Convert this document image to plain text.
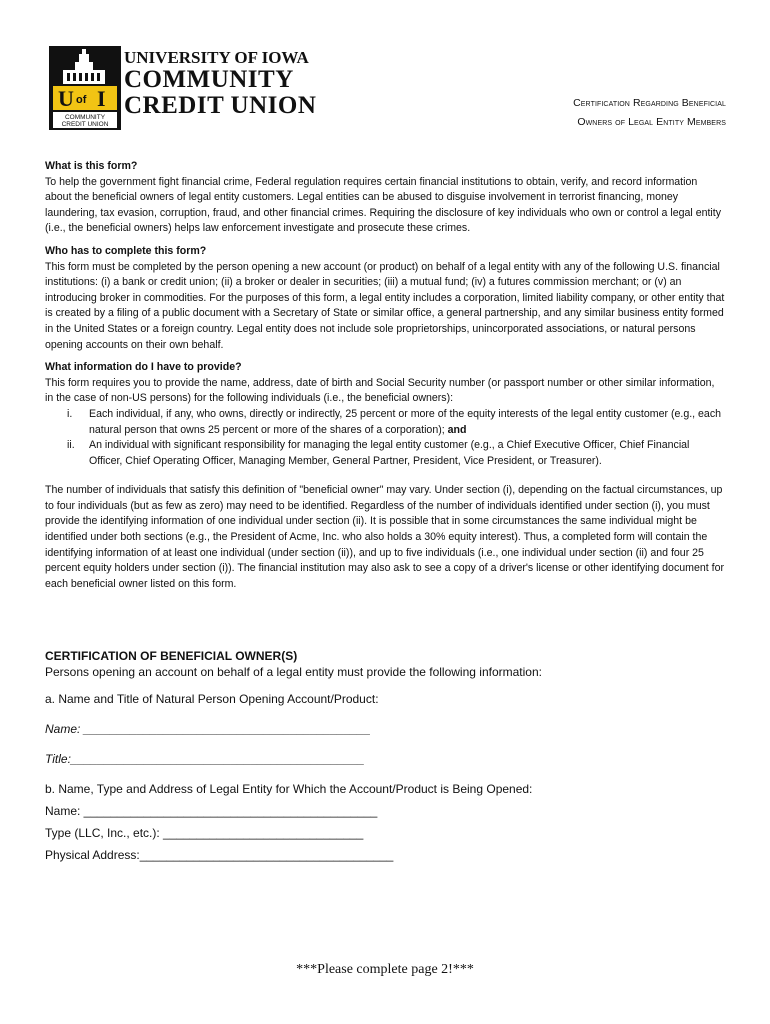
U of I
COMMUNITY
CREDIT UNION
UNIVERSITY OF IOWA
COMMUNITY
CREDIT UNION	Certification Regarding Beneficial
Owners of Legal Entity Members

What is this form?

To help the government fight financial crime, Federal regulation requires certain financial institutions to obtain, verify, and record information about the beneficial owners of legal entity customers. Legal entities can be abused to disguise involvement in terrorist financing, money laundering, tax evasion, corruption, fraud, and other financial crimes. Requiring the disclosure of key individuals who own or control a legal entity (i.e., the beneficial owners) helps law enforcement investigate and prosecute these crimes.

Who has to complete this form?

This form must be completed by the person opening a new account (or product) on behalf of a legal entity with any of the following U.S. financial institutions: (i) a bank or credit union; (ii) a broker or dealer in securities; (iii) a mutual fund; (iv) a futures commission merchant; or (v) an introducing broker in commodities. For the purposes of this form, a legal entity includes a corporation, limited liability company, or other entity that is created by a filing of a public document with a Secretary of State or similar office, a general partnership, and any similar business entity formed in the United States or a foreign country. Legal entity does not include sole proprietorships, unincorporated associations, or natural persons opening accounts on their own behalf.

What information do I have to provide?

This form requires you to provide the name, address, date of birth and Social Security number (or passport number or other similar information, in the case of non-US persons) for the following individuals (i.e., the beneficial owners):

i. Each individual, if any, who owns, directly or indirectly, 25 percent or more of the equity interests of the legal entity customer (e.g., each natural person that owns 25 percent or more of the shares of a corporation); and
ii. An individual with significant responsibility for managing the legal entity customer (e.g., a Chief Executive Officer, Chief Financial Officer, Chief Operating Officer, Managing Member, General Partner, President, Vice President, or Treasurer).

The number of individuals that satisfy this definition of "beneficial owner" may vary. Under section (i), depending on the factual circumstances, up to four individuals (but as few as zero) may need to be identified. Regardless of the number of individuals identified under section (i), you must provide the identifying information of one individual under section (ii). It is possible that in some circumstances the same individual might be identified under both sections (e.g., the President of Acme, Inc. who also holds a 30% equity interest). Thus, a completed form will contain the identifying information of at least one individual (under section (ii)), and up to five individuals (i.e., one individual under section (ii) and four 25 percent equity holders under section (i)). The financial institution may also ask to see a copy of a driver's license or other identifying document for each beneficial owner listed on this form.

CERTIFICATION OF BENEFICIAL OWNER(S)

Persons opening an account on behalf of a legal entity must provide the following information:

a. Name and Title of Natural Person Opening Account/Product:

Name: ___________________________________________

Title:____________________________________________

b. Name, Type and Address of Legal Entity for Which the Account/Product is Being Opened:

Name: ____________________________________________

Type (LLC, Inc., etc.): ______________________________

Physical Address:______________________________________

***Please complete page 2!***
